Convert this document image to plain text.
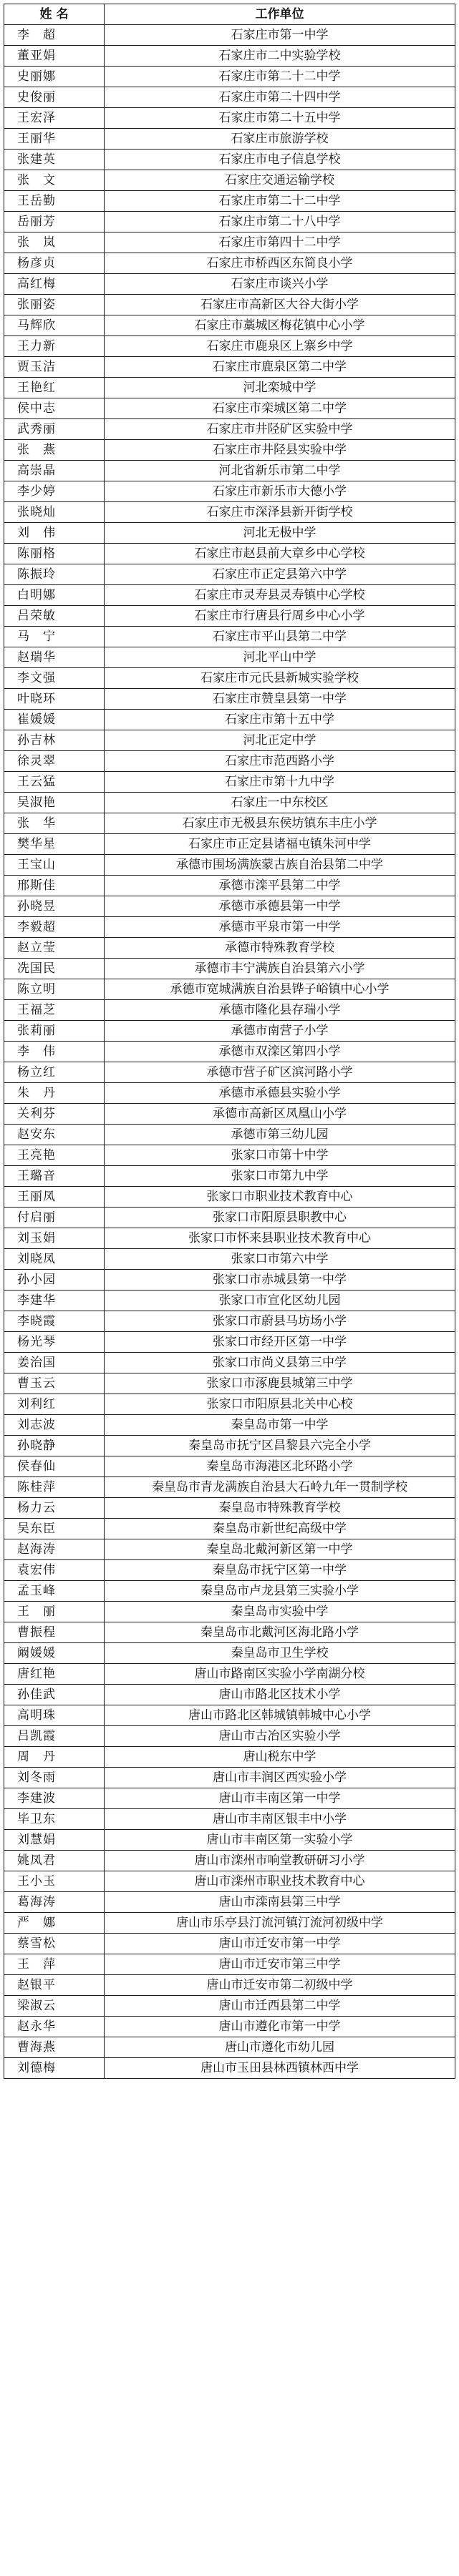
姓 名	工作单位
李　超	石家庄市第一中学
董亚娟	石家庄市二中实验学校
史丽娜	石家庄市第二十二中学
史俊丽	石家庄市第二十四中学
王宏泽	石家庄市第二十五中学
王丽华	石家庄市旅游学校
张建英	石家庄市电子信息学校
张　文	石家庄交通运输学校
王岳勤	石家庄市第二十二中学
岳丽芳	石家庄市第二十八中学
张　岚	石家庄市第四十二中学
杨彦贞	石家庄市桥西区东简良小学
高红梅	石家庄市谈兴小学
张丽姿	石家庄市高新区大谷大街小学
马辉欣	石家庄市藁城区梅花镇中心小学
王力新	石家庄市鹿泉区上寨乡中学
贾玉洁	石家庄市鹿泉区第二中学
王艳红	河北栾城中学
侯中志	石家庄市栾城区第二中学
武秀丽	石家庄市井陉矿区实验中学
张　燕	石家庄市井陉县实验中学
高崇晶	河北省新乐市第二中学
李少婷	石家庄市新乐市大德小学
张晓灿	石家庄市深泽县新开街学校
刘　伟	河北无极中学
陈丽格	石家庄市赵县前大章乡中心学校
陈振玲	石家庄市正定县第六中学
白明娜	石家庄市灵寿县灵寿镇中心学校
吕荣敏	石家庄市行唐县行周乡中心小学
马　宁	石家庄市平山县第二中学
赵瑞华	河北平山中学
李文强	石家庄市元氏县新城实验学校
叶晓环	石家庄市赞皇县第一中学
崔媛媛	石家庄市第十五中学
孙吉林	河北正定中学
徐灵翠	石家庄市范西路小学
王云猛	石家庄市第十九中学
吴淑艳	石家庄一中东校区
张　华	石家庄市无极县东侯坊镇东丰庄小学
樊华星	石家庄市正定县诸福屯镇朱河中学
王宝山	承德市围场满族蒙古族自治县第二中学
邢斯佳	承德市滦平县第二中学
孙晓昱	承德市承德县第一中学
李毅超	承德市平泉市第一中学
赵立莹	承德市特殊教育学校
冼国民	承德市丰宁满族自治县第六小学
陈立明	承德市宽城满族自治县铧子峪镇中心小学
王福芝	承德市隆化县存瑞小学
张莉丽	承德市南营子小学
李　伟	承德市双滦区第四小学
杨立红	承德市营子矿区滨河路小学
朱　丹	承德市承德县实验小学
关利芬	承德市高新区凤凰山小学
赵安东	承德市第三幼儿园
王亮艳	张家口市第十中学
王璐音	张家口市第九中学
王丽凤	张家口市职业技术教育中心
付启丽	张家口市阳原县职教中心
刘玉娟	张家口市怀来县职业技术教育中心
刘晓凤	张家口市第六中学
孙小园	张家口市赤城县第一中学
李建华	张家口市宣化区幼儿园
李晓霞	张家口市蔚县马坊场小学
杨光琴	张家口市经开区第一中学
姜治国	张家口市尚义县第三中学
曹玉云	张家口市涿鹿县城第三中学
刘利红	张家口市阳原县北关中心校
刘志波	秦皇岛市第一中学
孙晓静	秦皇岛市抚宁区昌黎县六完全小学
侯春仙	秦皇岛市海港区北环路小学
陈桂萍	秦皇岛市青龙满族自治县大石岭九年一贯制学校
杨力云	秦皇岛市特殊教育学校
吴东臣	秦皇岛市新世纪高级中学
赵海涛	秦皇岛北戴河新区第一中学
袁宏伟	秦皇岛市抚宁区第一中学
孟玉峰	秦皇岛市卢龙县第三实验小学
王　丽	秦皇岛市实验中学
曹振程	秦皇岛市北戴河区海北路小学
阚媛媛	秦皇岛市卫生学校
唐红艳	唐山市路南区实验小学南湖分校
孙佳武	唐山市路北区技术小学
高明珠	唐山市路北区韩城镇韩城中心小学
吕凯霞	唐山市古冶区实验小学
周　丹	唐山税东中学
刘冬雨	唐山市丰润区西实验小学
李建波	唐山市丰南区第一中学
毕卫东	唐山市丰南区银丰中小学
刘慧娟	唐山市丰南区第一实验小学
姚凤君	唐山市滦州市响堂教研研习小学
王小玉	唐山市滦州市职业技术教育中心
葛海涛	唐山市滦南县第三中学
严　娜	唐山市乐亭县汀流河镇汀流河初级中学
蔡雪松	唐山市迁安市第一中学
王　萍	唐山市迁安市第三中学
赵银平	唐山市迁安市第二初级中学
梁淑云	唐山市迁西县第二中学
赵永华	唐山市遵化市第一中学
曹海燕	唐山市遵化市幼儿园
刘德梅	唐山市玉田县林西镇林西中学
